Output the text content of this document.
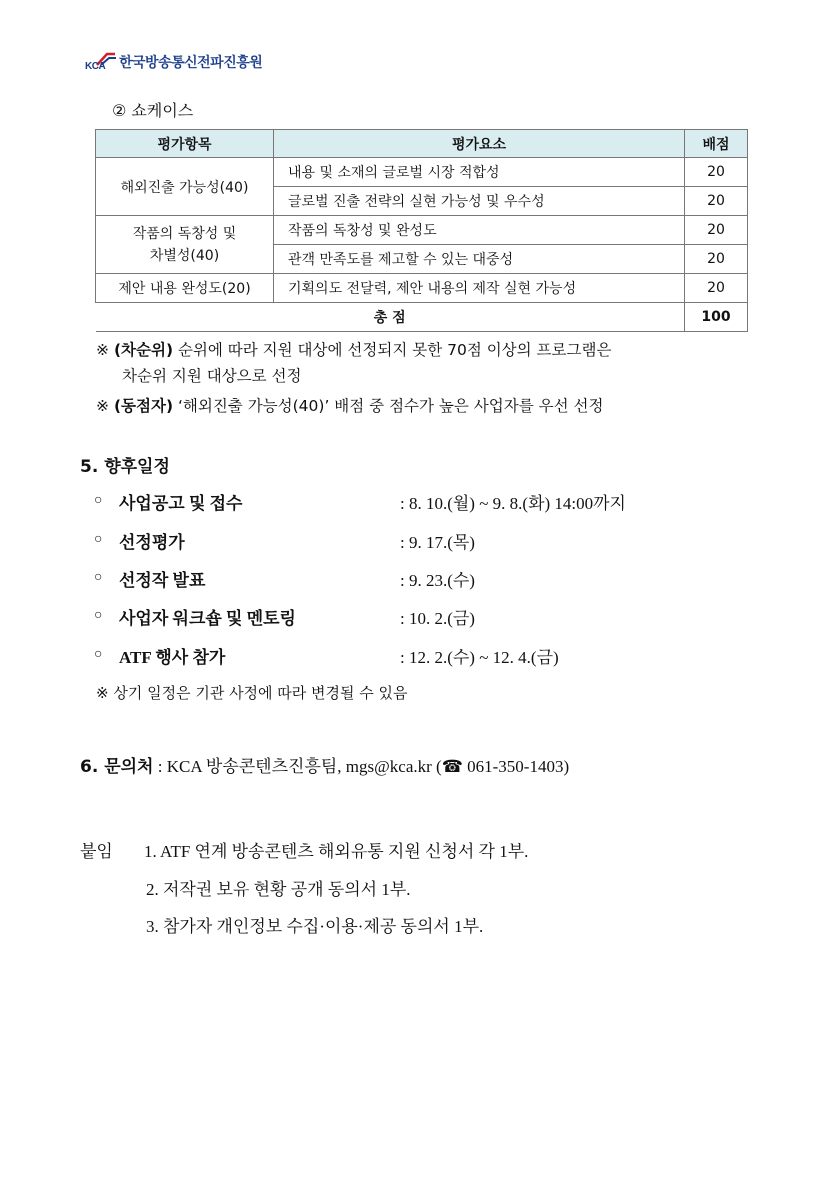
KCA 한국방송통신전파진흥원
② 쇼케이스
평가항목	평가요소	배점
해외진출 가능성(40)	내용 및 소재의 글로벌 시장 적합성	20
	글로벌 진출 전략의 실현 가능성 및 우수성	20
작품의 독창성 및 차별성(40)	작품의 독창성 및 완성도	20
	관객 만족도를 제고할 수 있는 대중성	20
제안 내용 완성도(20)	기획의도 전달력, 제안 내용의 제작 실현 가능성	20
총 점		100
※ (차순위) 순위에 따라 지원 대상에 선정되지 못한 70점 이상의 프로그램은
차순위 지원 대상으로 선정
※ (동점자) ‘해외진출 가능성(40)’ 배점 중 점수가 높은 사업자를 우선 선정
5. 향후일정
○ 사업공고 및 접수	: 8. 10.(월) ~ 9. 8.(화) 14:00까지
○ 선정평가	: 9. 17.(목)
○ 선정작 발표	: 9. 23.(수)
○ 사업자 워크숍 및 멘토링	: 10. 2.(금)
○ ATF 행사 참가	: 12. 2.(수) ~ 12. 4.(금)
※ 상기 일정은 기관 사정에 따라 변경될 수 있음
6. 문의처 : KCA 방송콘텐츠진흥팀, mgs@kca.kr (☎ 061-350-1403)
붙임 1. ATF 연계 방송콘텐츠 해외유통 지원 신청서 각 1부.
2. 저작권 보유 현황 공개 동의서 1부.
3. 참가자 개인정보 수집·이용·제공 동의서 1부.
